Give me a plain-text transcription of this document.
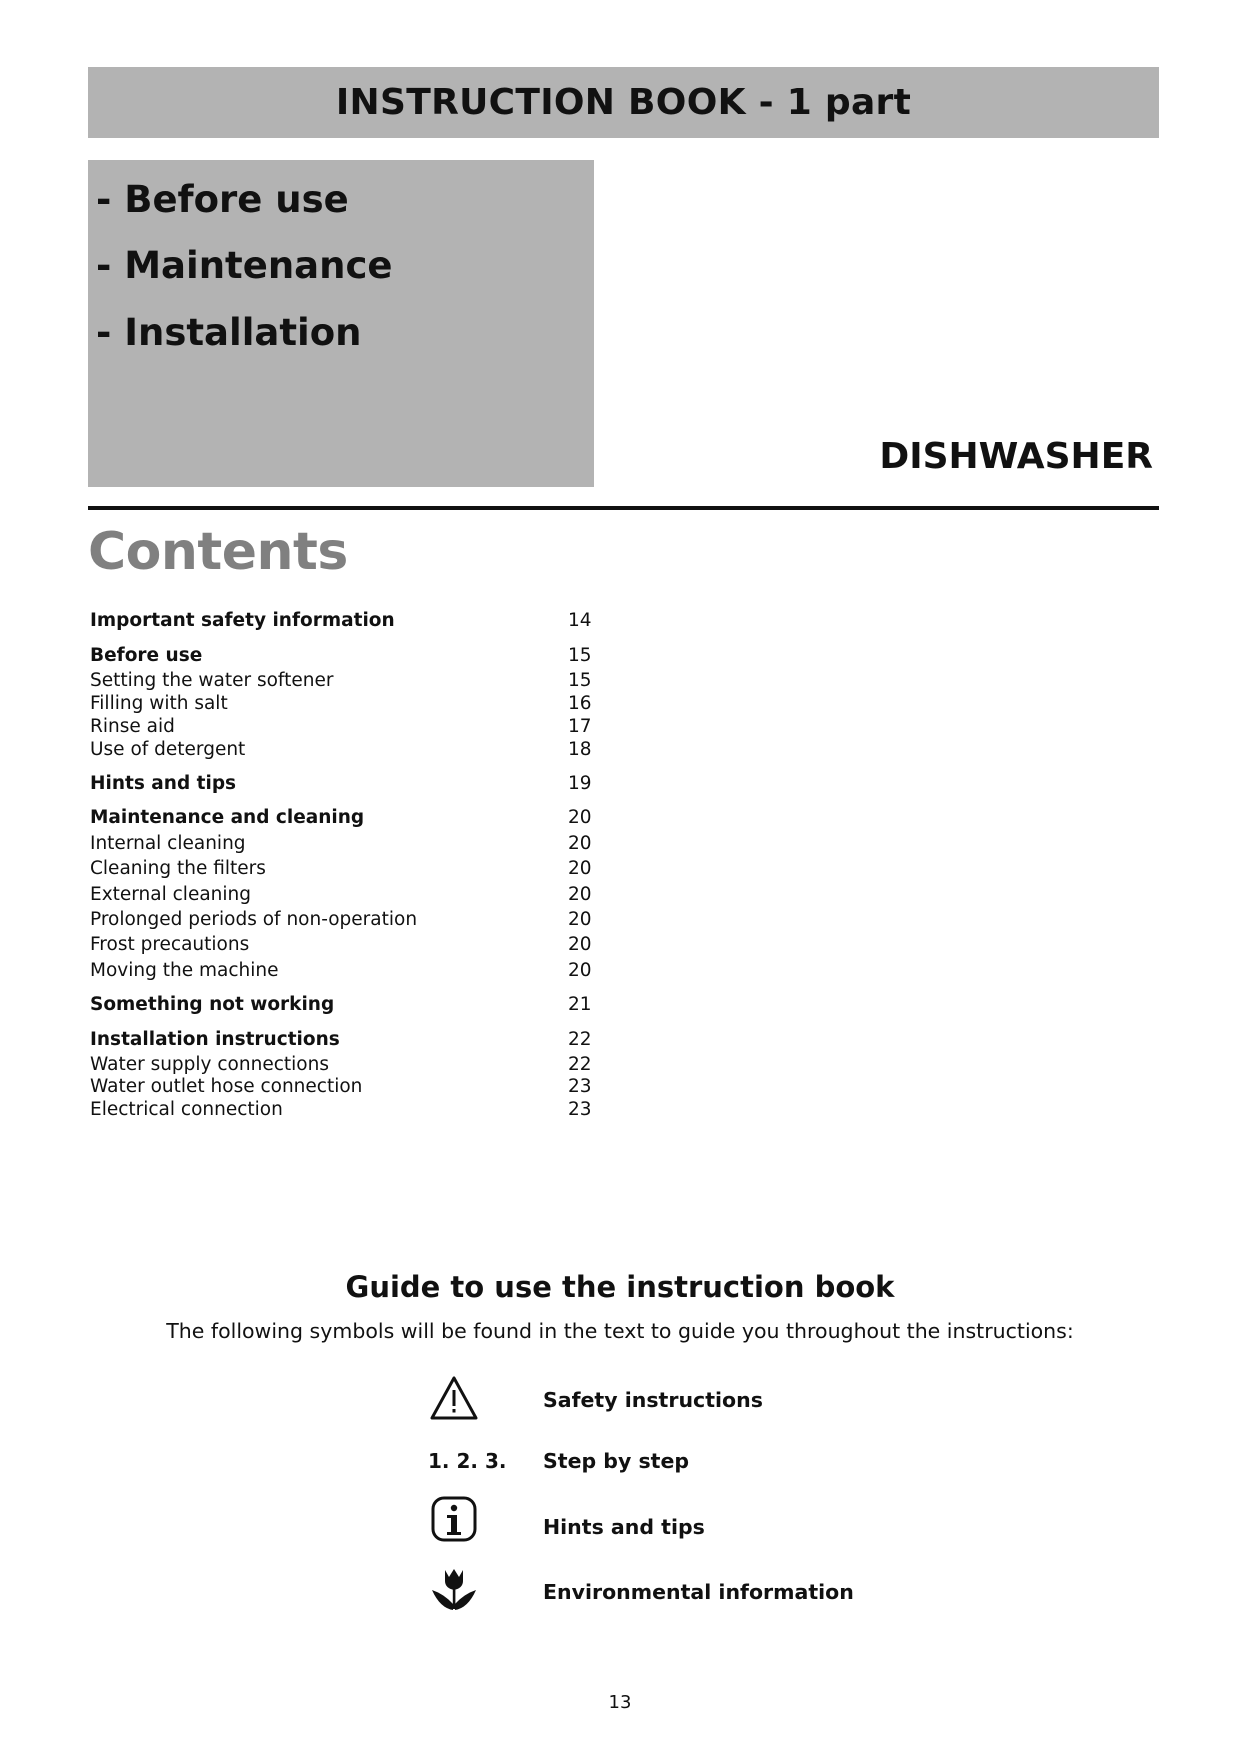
INSTRUCTION BOOK - 1 part
- Before use
- Maintenance
- Installation
DISHWASHER
Contents
Important safety information	14
Before use	15
Setting the water softener	15
Filling with salt	16
Rinse aid	17
Use of detergent	18
Hints and tips	19
Maintenance and cleaning	20
Internal cleaning	20
Cleaning the filters	20
External cleaning	20
Prolonged periods of non-operation	20
Frost precautions	20
Moving the machine	20
Something not working	21
Installation instructions	22
Water supply connections	22
Water outlet hose connection	23
Electrical connection	23
Guide to use the instruction book
The following symbols will be found in the text to guide you throughout the instructions:
Safety instructions
1. 2. 3. Step by step
Hints and tips
Environmental information
13
